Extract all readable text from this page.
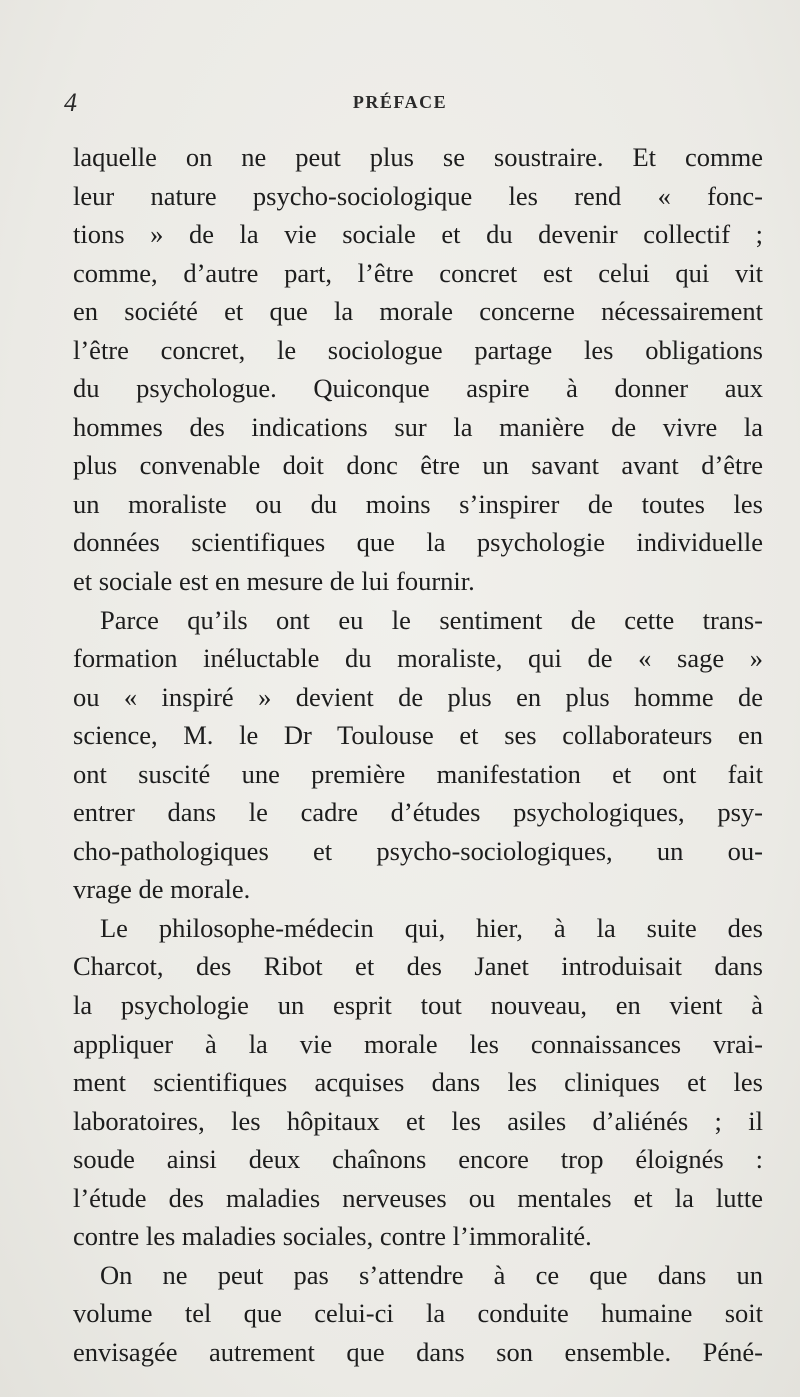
4	PRÉFACE
laquelle on ne peut plus se soustraire. Et comme
leur nature psycho-sociologique les rend « fonc-
tions » de la vie sociale et du devenir collectif ;
comme, d’autre part, l’être concret est celui qui vit
en société et que la morale concerne nécessairement
l’être concret, le sociologue partage les obligations
du psychologue. Quiconque aspire à donner aux
hommes des indications sur la manière de vivre la
plus convenable doit donc être un savant avant d’être
un moraliste ou du moins s’inspirer de toutes les
données scientifiques que la psychologie individuelle
et sociale est en mesure de lui fournir.
Parce qu’ils ont eu le sentiment de cette trans-
formation inéluctable du moraliste, qui de « sage »
ou « inspiré » devient de plus en plus homme de
science, M. le Dr Toulouse et ses collaborateurs en
ont suscité une première manifestation et ont fait
entrer dans le cadre d’études psychologiques, psy-
cho-pathologiques et psycho-sociologiques, un ou-
vrage de morale.
Le philosophe-médecin qui, hier, à la suite des
Charcot, des Ribot et des Janet introduisait dans
la psychologie un esprit tout nouveau, en vient à
appliquer à la vie morale les connaissances vrai-
ment scientifiques acquises dans les cliniques et les
laboratoires, les hôpitaux et les asiles d’aliénés ; il
soude ainsi deux chaînons encore trop éloignés :
l’étude des maladies nerveuses ou mentales et la lutte
contre les maladies sociales, contre l’immoralité.
On ne peut pas s’attendre à ce que dans un
volume tel que celui-ci la conduite humaine soit
envisagée autrement que dans son ensemble. Péné-
